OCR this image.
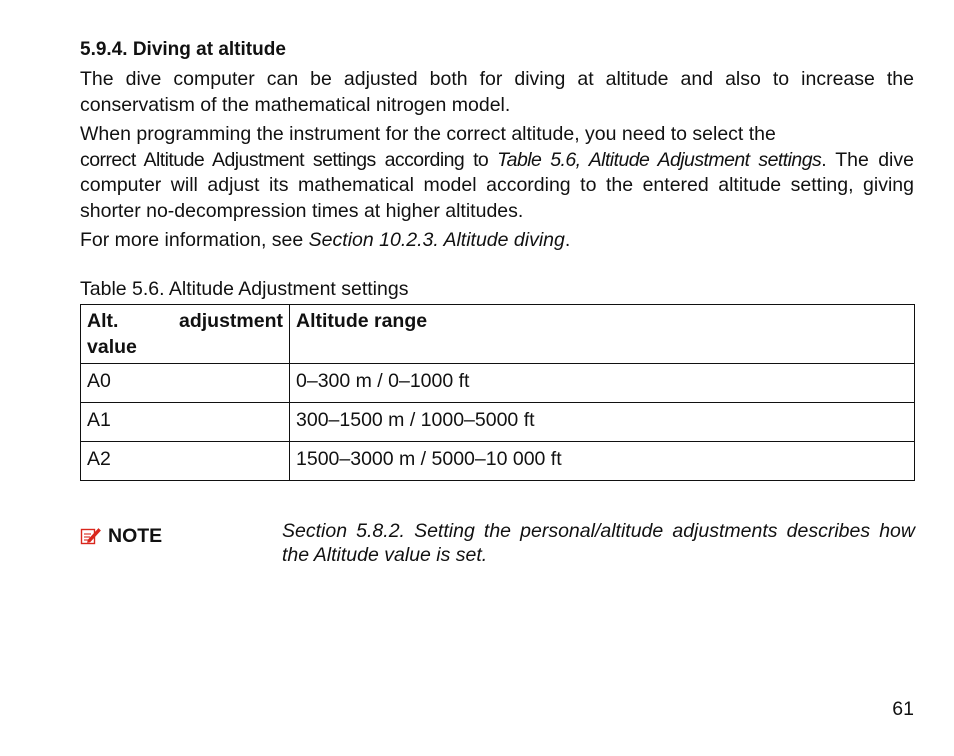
5.9.4. Diving at altitude

The dive computer can be adjusted both for diving at altitude and also to increase the conservatism of the mathematical nitrogen model.

When programming the instrument for the correct altitude, you need to select the
correct Altitude Adjustment settings according to Table 5.6, Altitude Adjustment settings. The dive computer will adjust its mathematical model according to the entered altitude setting, giving shorter no-decompression times at higher altitudes.

For more information, see Section 10.2.3. Altitude diving.

Table 5.6. Altitude Adjustment settings
Alt. adjustment value	Altitude range
A0	0–300 m / 0–1000 ft
A1	300–1500 m / 1000–5000 ft
A2	1500–3000 m / 5000–10 000 ft
NOTE	Section 5.8.2. Setting the personal/altitude adjustments describes how the Altitude value is set.
61
